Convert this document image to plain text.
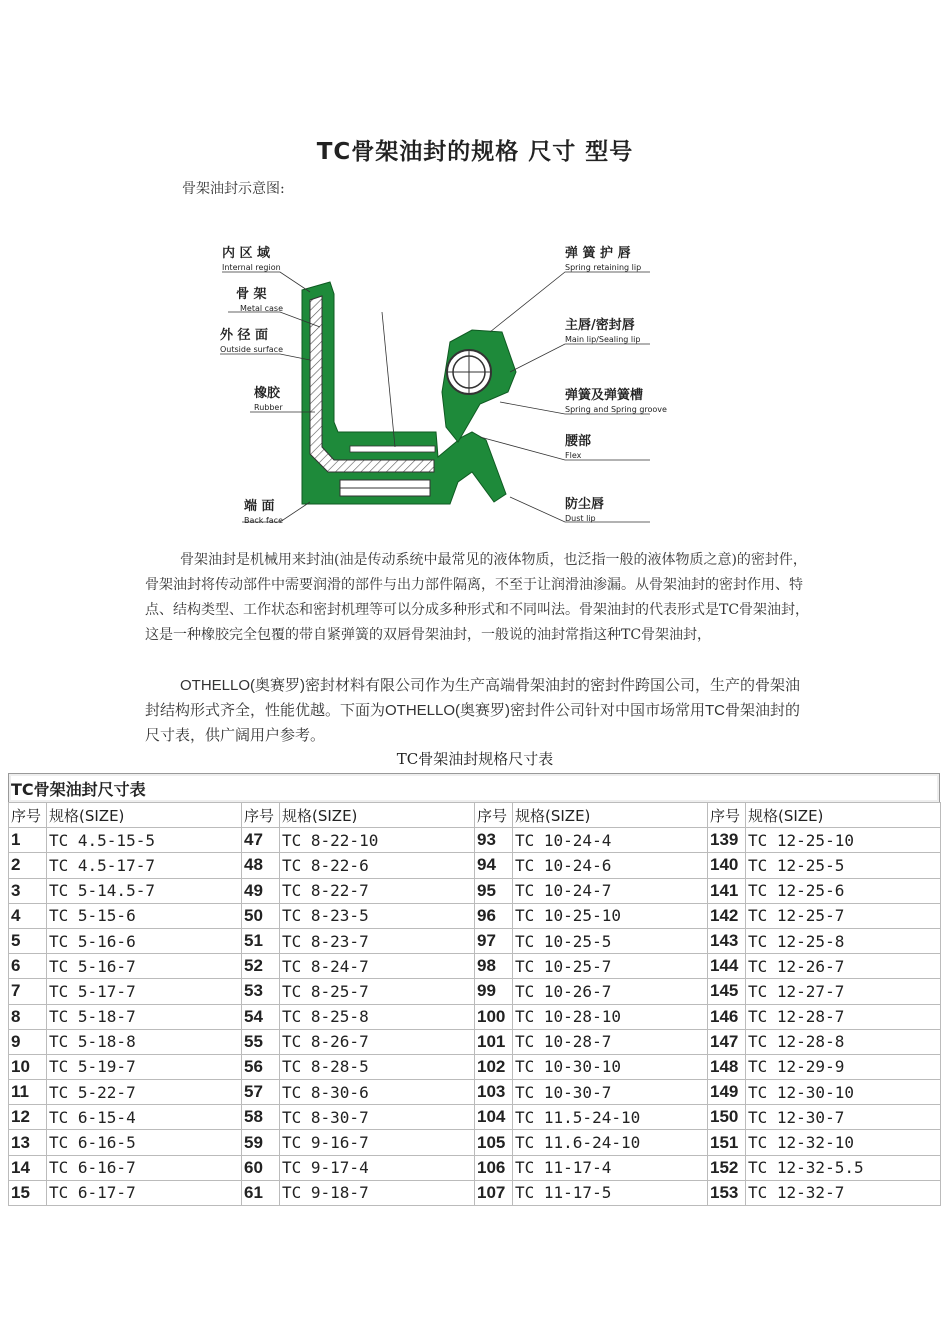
TC骨架油封的规格 尺寸 型号
骨架油封示意图:
内 区 域
Internal region
骨 架
Metal case
外 径 面
Outside surface
橡胶
Rubber
端 面
Back face
弹 簧 护 唇
Spring retaining lip
主唇/密封唇
Main lip/Sealing lip
弹簧及弹簧槽
Spring and Spring groove
腰部
Flex
防尘唇
Dust lip

骨架油封是机械用来封油(油是传动系统中最常见的液体物质，也泛指一般的液体物质之意)的密封件，骨架油封将传动部件中需要润滑的部件与出力部件隔离，不至于让润滑油渗漏。从骨架油封的密封作用、特点、结构类型、工作状态和密封机理等可以分成多种形式和不同叫法。骨架油封的代表形式是TC骨架油封，这是一种橡胶完全包覆的带自紧弹簧的双唇骨架油封，一般说的油封常指这种TC骨架油封，

OTHELLO(奥赛罗)密封材料有限公司作为生产高端骨架油封的密封件跨国公司，生产的骨架油封结构形式齐全，性能优越。下面为OTHELLO(奥赛罗)密封件公司针对中国市场常用TC骨架油封的尺寸表，供广阔用户参考。

TC骨架油封规格尺寸表
TC骨架油封尺寸表
序号	规格(SIZE)	序号	规格(SIZE)	序号	规格(SIZE)	序号	规格(SIZE)
1	TC 4.5-15-5	47	TC 8-22-10	93	TC 10-24-4	139	TC 12-25-10
2	TC 4.5-17-7	48	TC 8-22-6	94	TC 10-24-6	140	TC 12-25-5
3	TC 5-14.5-7	49	TC 8-22-7	95	TC 10-24-7	141	TC 12-25-6
4	TC 5-15-6	50	TC 8-23-5	96	TC 10-25-10	142	TC 12-25-7
5	TC 5-16-6	51	TC 8-23-7	97	TC 10-25-5	143	TC 12-25-8
6	TC 5-16-7	52	TC 8-24-7	98	TC 10-25-7	144	TC 12-26-7
7	TC 5-17-7	53	TC 8-25-7	99	TC 10-26-7	145	TC 12-27-7
8	TC 5-18-7	54	TC 8-25-8	100	TC 10-28-10	146	TC 12-28-7
9	TC 5-18-8	55	TC 8-26-7	101	TC 10-28-7	147	TC 12-28-8
10	TC 5-19-7	56	TC 8-28-5	102	TC 10-30-10	148	TC 12-29-9
11	TC 5-22-7	57	TC 8-30-6	103	TC 10-30-7	149	TC 12-30-10
12	TC 6-15-4	58	TC 8-30-7	104	TC 11.5-24-10	150	TC 12-30-7
13	TC 6-16-5	59	TC 9-16-7	105	TC 11.6-24-10	151	TC 12-32-10
14	TC 6-16-7	60	TC 9-17-4	106	TC 11-17-4	152	TC 12-32-5.5
15	TC 6-17-7	61	TC 9-18-7	107	TC 11-17-5	153	TC 12-32-7
